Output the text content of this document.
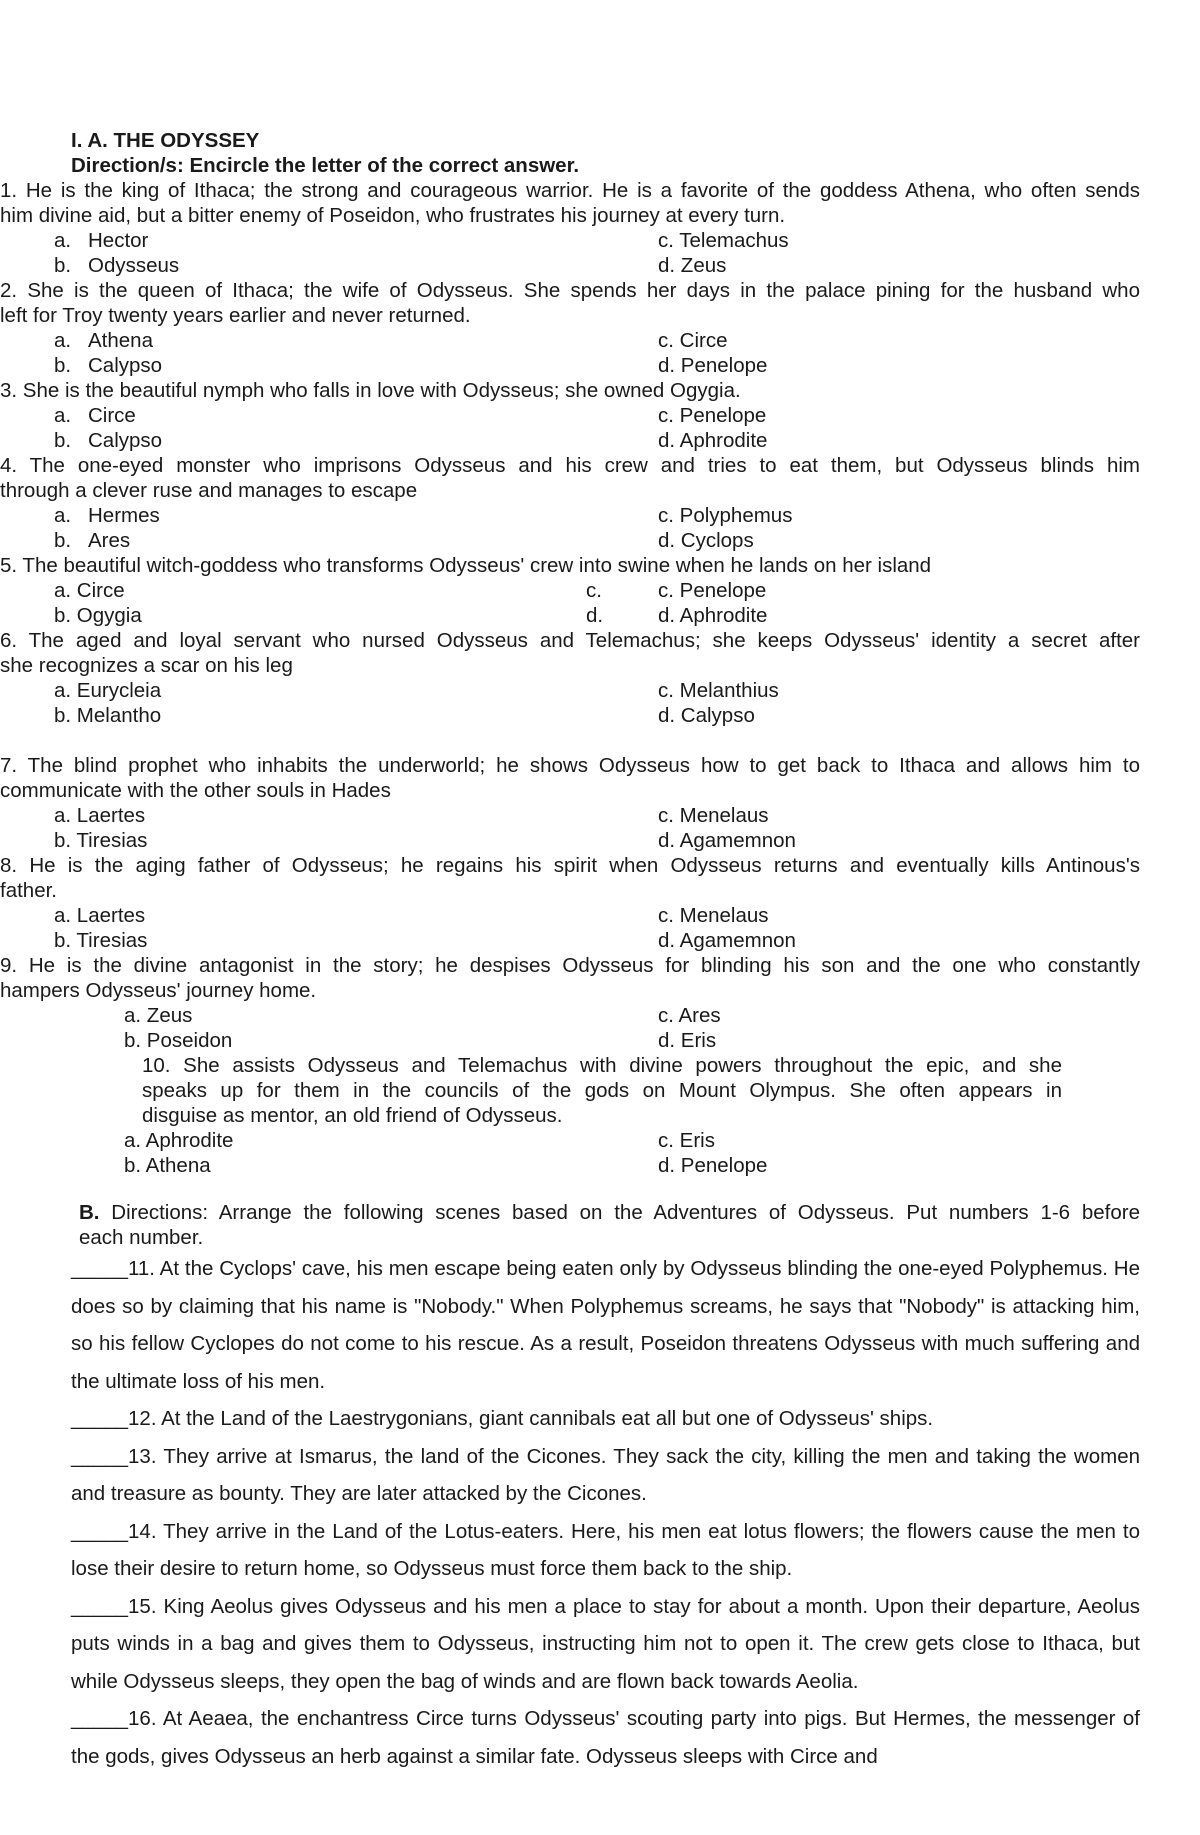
I. A. THE ODYSSEY
Direction/s: Encircle the letter of the correct answer.
1. He is the king of Ithaca; the strong and courageous warrior. He is a favorite of the goddess Athena, who often sends
him divine aid, but a bitter enemy of Poseidon, who frustrates his journey at every turn.
a. Hector	c. Telemachus
b. Odysseus	d. Zeus
2. She is the queen of Ithaca; the wife of Odysseus. She spends her days in the palace pining for the husband who
left for Troy twenty years earlier and never returned.
a. Athena	c. Circe
b. Calypso	d. Penelope
3. She is the beautiful nymph who falls in love with Odysseus; she owned Ogygia.
a. Circe	c. Penelope
b. Calypso	d. Aphrodite
4. The one-eyed monster who imprisons Odysseus and his crew and tries to eat them, but Odysseus blinds him
through a clever ruse and manages to escape
a. Hermes	c. Polyphemus
b. Ares	d. Cyclops
5. The beautiful witch-goddess who transforms Odysseus' crew into swine when he lands on her island
a. Circe	c.	c. Penelope
b. Ogygia	d.	d. Aphrodite
6. The aged and loyal servant who nursed Odysseus and Telemachus; she keeps Odysseus' identity a secret after
she recognizes a scar on his leg
a. Eurycleia	c. Melanthius
b. Melantho	d. Calypso
7. The blind prophet who inhabits the underworld; he shows Odysseus how to get back to Ithaca and allows him to
communicate with the other souls in Hades
a. Laertes	c. Menelaus
b. Tiresias	d. Agamemnon
8. He is the aging father of Odysseus; he regains his spirit when Odysseus returns and eventually kills Antinous's
father.
a. Laertes	c. Menelaus
b. Tiresias	d. Agamemnon
9. He is the divine antagonist in the story; he despises Odysseus for blinding his son and the one who constantly
hampers Odysseus' journey home.
a. Zeus	c. Ares
b. Poseidon	d. Eris
10. She assists Odysseus and Telemachus with divine powers throughout the epic, and she
speaks up for them in the councils of the gods on Mount Olympus. She often appears in
disguise as mentor, an old friend of Odysseus.
a. Aphrodite	c. Eris
b. Athena	d. Penelope
B. Directions: Arrange the following scenes based on the Adventures of Odysseus. Put numbers 1-6 before
each number.
_____11. At the Cyclops' cave, his men escape being eaten only by Odysseus blinding the one-eyed Polyphemus. He does so by claiming that his name is "Nobody." When Polyphemus screams, he says that "Nobody" is attacking him, so his fellow Cyclopes do not come to his rescue. As a result, Poseidon threatens Odysseus with much suffering and the ultimate loss of his men.
_____12. At the Land of the Laestrygonians, giant cannibals eat all but one of Odysseus' ships.
_____13. They arrive at Ismarus, the land of the Cicones. They sack the city, killing the men and taking the women and treasure as bounty. They are later attacked by the Cicones.
_____14. They arrive in the Land of the Lotus-eaters. Here, his men eat lotus flowers; the flowers cause the men to lose their desire to return home, so Odysseus must force them back to the ship.
_____15. King Aeolus gives Odysseus and his men a place to stay for about a month. Upon their departure, Aeolus puts winds in a bag and gives them to Odysseus, instructing him not to open it. The crew gets close to Ithaca, but while Odysseus sleeps, they open the bag of winds and are flown back towards Aeolia.
_____16. At Aeaea, the enchantress Circe turns Odysseus' scouting party into pigs. But Hermes, the messenger of the gods, gives Odysseus an herb against a similar fate. Odysseus sleeps with Circe and
